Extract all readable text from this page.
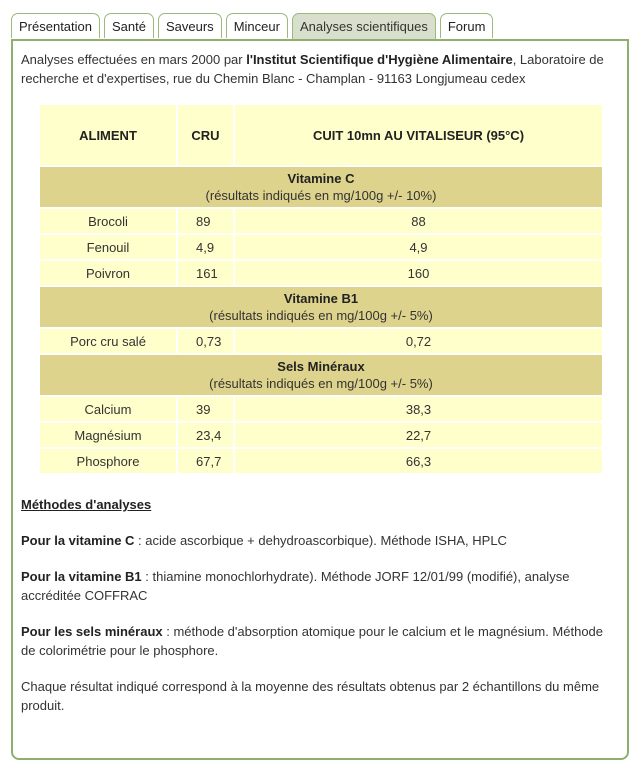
Présentation	Santé	Saveurs	Minceur	Analyses scientifiques	Forum

Analyses effectuées en mars 2000 par l'Institut Scientifique d'Hygiène Alimentaire, Laboratoire de recherche et d'expertises, rue du Chemin Blanc - Champlan - 91163 Longjumeau cedex

ALIMENT	CRU	CUIT 10mn AU VITALISEUR (95°C)
Vitamine C
(résultats indiqués en mg/100g +/- 10%)		
Brocoli	89	88
Fenouil	4,9	4,9
Poivron	161	160
Vitamine B1
(résultats indiqués en mg/100g +/- 5%)		
Porc cru salé	0,73	0,72
Sels Minéraux
(résultats indiqués en mg/100g +/- 5%)		
Calcium	39	38,3
Magnésium	23,4	22,7
Phosphore	67,7	66,3

Méthodes d'analyses

Pour la vitamine C : acide ascorbique + dehydroascorbique). Méthode ISHA, HPLC

Pour la vitamine B1 : thiamine monochlorhydrate). Méthode JORF 12/01/99 (modifié), analyse accréditée COFFRAC

Pour les sels minéraux : méthode d'absorption atomique pour le calcium et le magnésium. Méthode de colorimétrie pour le phosphore.

Chaque résultat indiqué correspond à la moyenne des résultats obtenus par 2 échantillons du même produit.
